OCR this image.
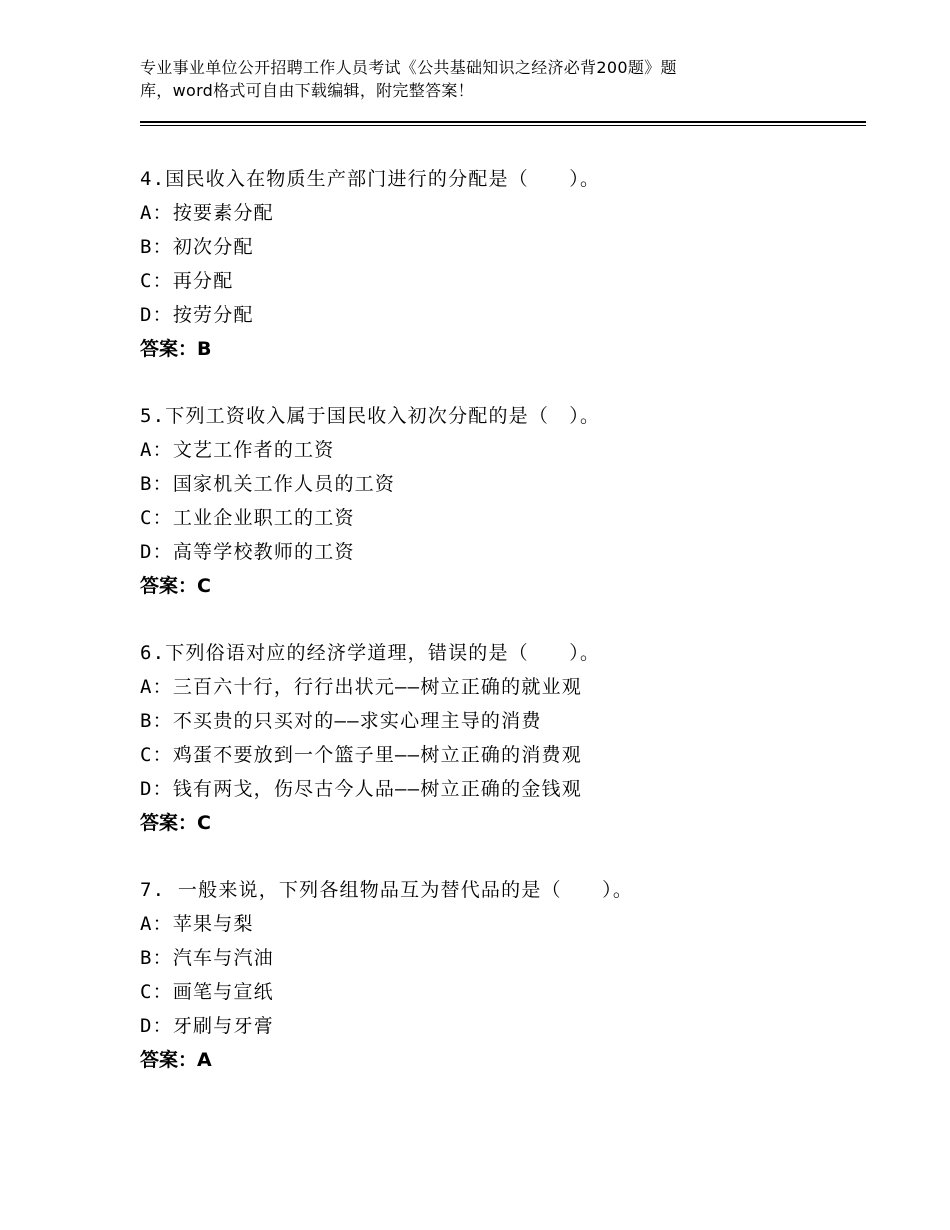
专业事业单位公开招聘工作人员考试《公共基础知识之经济必背200题》题
库，word格式可自由下载编辑，附完整答案！
4.国民收入在物质生产部门进行的分配是（　　）。
A：按要素分配
B：初次分配
C：再分配
D：按劳分配
答案：B
5.下列工资收入属于国民收入初次分配的是（　）。
A：文艺工作者的工资
B：国家机关工作人员的工资
C：工业企业职工的工资
D：高等学校教师的工资
答案：C
6.下列俗语对应的经济学道理，错误的是（　　）。
A：三百六十行，行行出状元——树立正确的就业观
B：不买贵的只买对的——求实心理主导的消费
C：鸡蛋不要放到一个篮子里——树立正确的消费观
D：钱有两戈，伤尽古今人品——树立正确的金钱观
答案：C
7. 一般来说，下列各组物品互为替代品的是（　　）。
A：苹果与梨
B：汽车与汽油
C：画笔与宣纸
D：牙刷与牙膏
答案：A
